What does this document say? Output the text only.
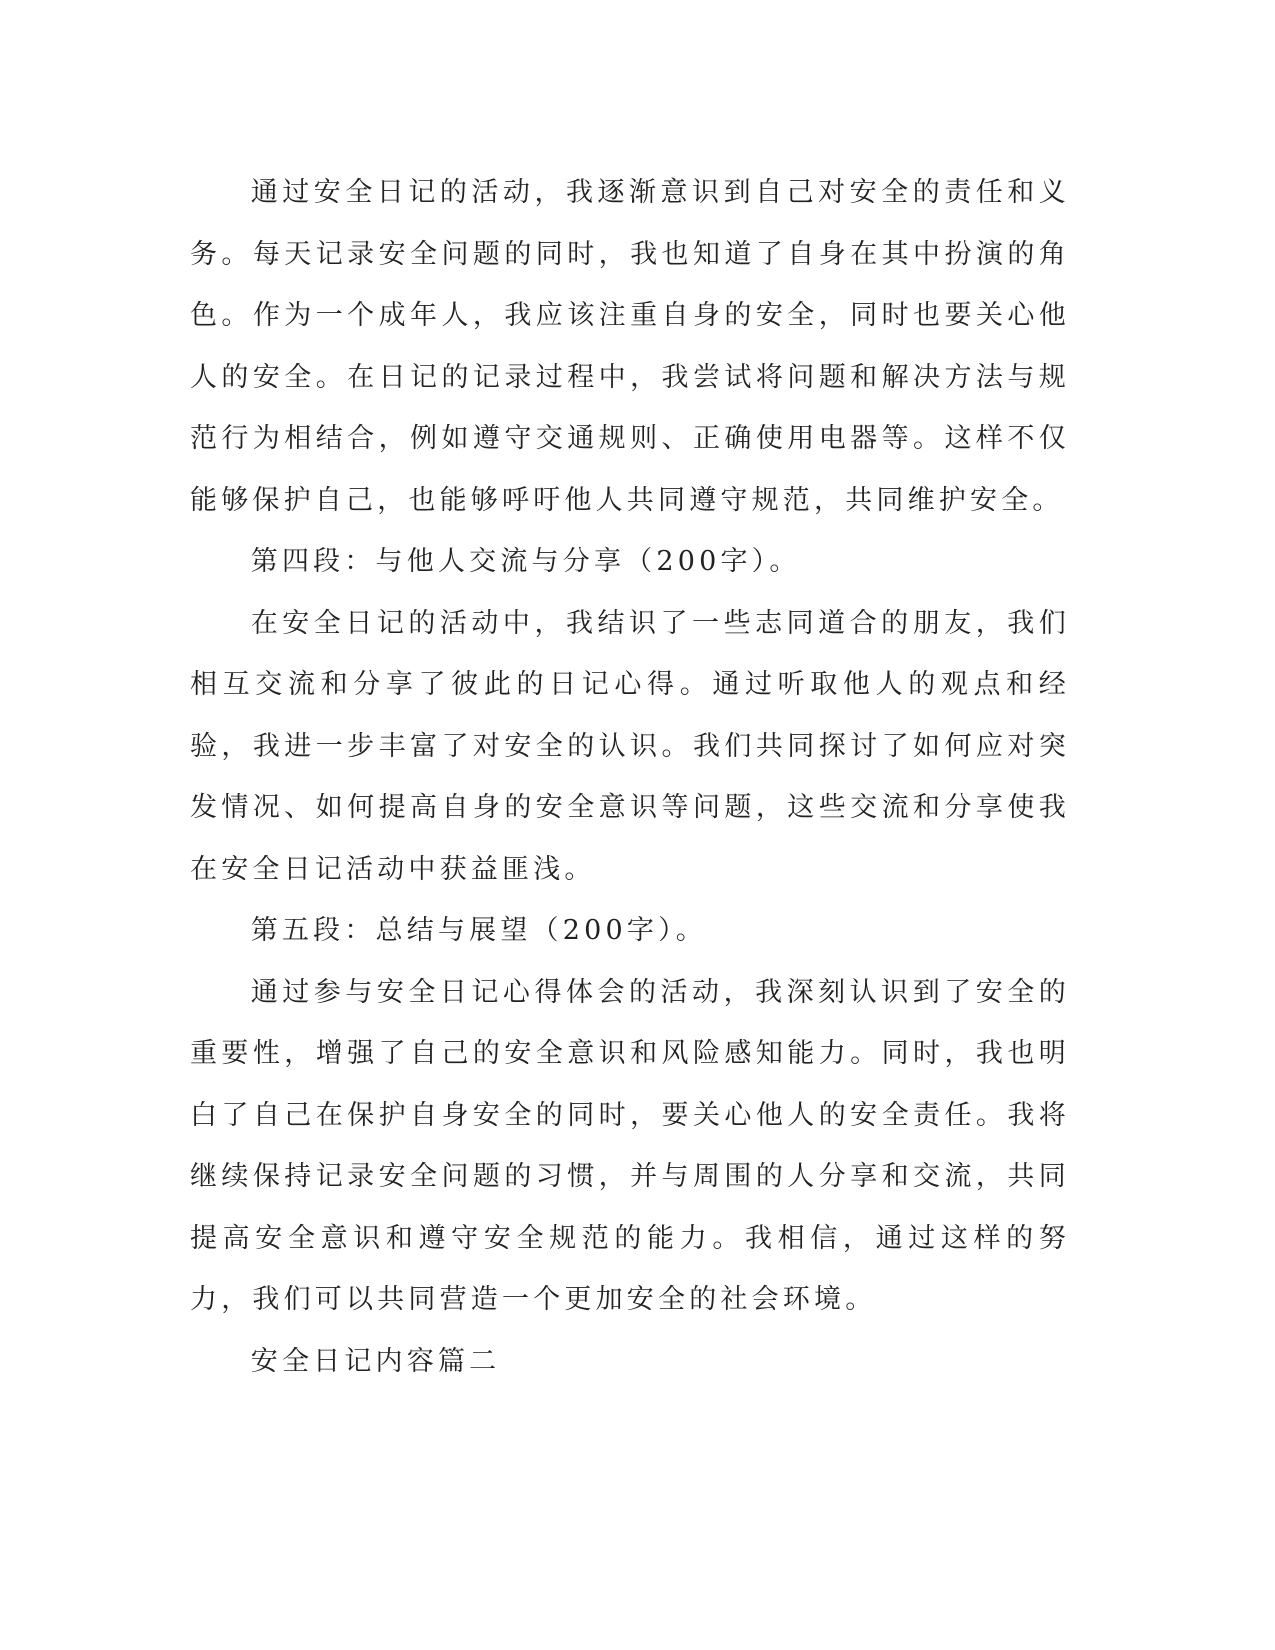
通过安全日记的活动，我逐渐意识到自己对安全的责任和义务。每天记录安全问题的同时，我也知道了自身在其中扮演的角色。作为一个成年人，我应该注重自身的安全，同时也要关心他人的安全。在日记的记录过程中，我尝试将问题和解决方法与规范行为相结合，例如遵守交通规则、正确使用电器等。这样不仅能够保护自己，也能够呼吁他人共同遵守规范，共同维护安全。

第四段：与他人交流与分享（200字）。

在安全日记的活动中，我结识了一些志同道合的朋友，我们相互交流和分享了彼此的日记心得。通过听取他人的观点和经验，我进一步丰富了对安全的认识。我们共同探讨了如何应对突发情况、如何提高自身的安全意识等问题，这些交流和分享使我在安全日记活动中获益匪浅。

第五段：总结与展望（200字）。

通过参与安全日记心得体会的活动，我深刻认识到了安全的重要性，增强了自己的安全意识和风险感知能力。同时，我也明白了自己在保护自身安全的同时，要关心他人的安全责任。我将继续保持记录安全问题的习惯，并与周围的人分享和交流，共同提高安全意识和遵守安全规范的能力。我相信，通过这样的努力，我们可以共同营造一个更加安全的社会环境。

安全日记内容篇二
